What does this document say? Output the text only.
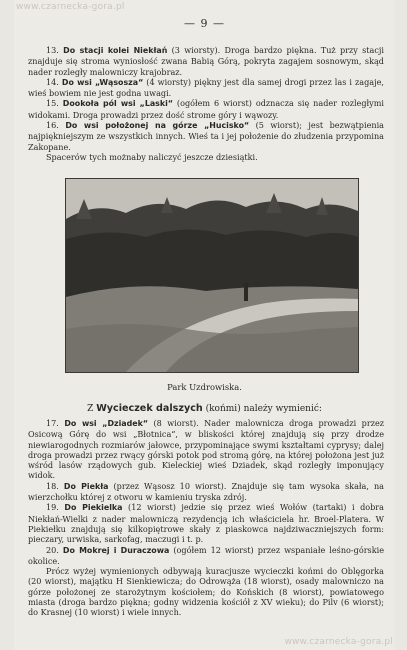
www.czarnecka-gora.pl
— 9 —

13. Do stacji kolei Niekłań (3 wiorsty). Droga bardzo piękna. Tuż przy stacji znajduje się stroma wyniosłość zwana Babią Górą, pokryta zagajem sosnowym, skąd nader rozległy malowniczy krajobraz.

14. Do wsi „Wąsosza“ (4 wiorsty) piękny jest dla samej drogi przez las i zagaje, wieś bowiem nie jest godna uwagi.

15. Dookoła pól wsi „Laski“ (ogółem 6 wiorst) odznacza się nader rozległymi widokami. Droga prowadzi przez dość strome góry i wąwozy.

16. Do wsi położonej na górze „Hucisko“ (5 wiorst); jest bezwątpienia najpiękniejszym ze wszystkich innych. Wieś ta i jej położenie do złudzenia przypomina Zakopane.

Spacerów tych możnaby naliczyć jeszcze dziesiątki.

Park Uzdrowiska.
Z Wycieczek dalszych (końmi) należy wymienić:

17. Do wsi „Dziadek“ (8 wiorst). Nader malownicza droga prowadzi przez Osicową Górę do wsi „Błotnica“, w bliskości której znajdują się przy drodze niewiarogodnych rozmiarów jałowce, przypominające swymi kształtami cyprysy; dalej droga prowadzi przez rwący górski potok pod stromą górę, na której położona jest już wśród lasów rządowych gub. Kieleckiej wieś Dziadek, skąd rozległy imponujący widok.

18. Do Piekła (przez Wąsosz 10 wiorst). Znajduje się tam wysoka skała, na wierzchołku której z otworu w kamieniu tryska zdrój.

19. Do Piekielka (12 wiorst) jedzie się przez wieś Wołów (tartaki) i dobra Niekłań-Wielki z nader malowniczą rezydencją ich właściciela hr. Broel-Platera. W Piekiełku znajdują się kilkopiętrowe skały z piaskowca najdziwaczniejszych form: pieczary, urwiska, sarkofag, maczugi i t. p.

20. Do Mokrej i Duraczowa (ogółem 12 wiorst) przez wspaniałe leśno-górskie okolice.

Prócz wyżej wymienionych odbywają kuracjusze wycieczki końmi do Oblęgorka (20 wiorst), majątku H Sienkiewicza; do Odrowąża (18 wiorst), osady malowniczo na górze położonej ze starożytnym kościołem; do Końskich (8 wiorst), powiatowego miasta (droga bardzo piękna; godny widzenia kościół z XV wieku); do Pilv (6 wiorst); do Krasnej (10 wiorst) i wiele innych.

www.czarnecka-gora.pl
